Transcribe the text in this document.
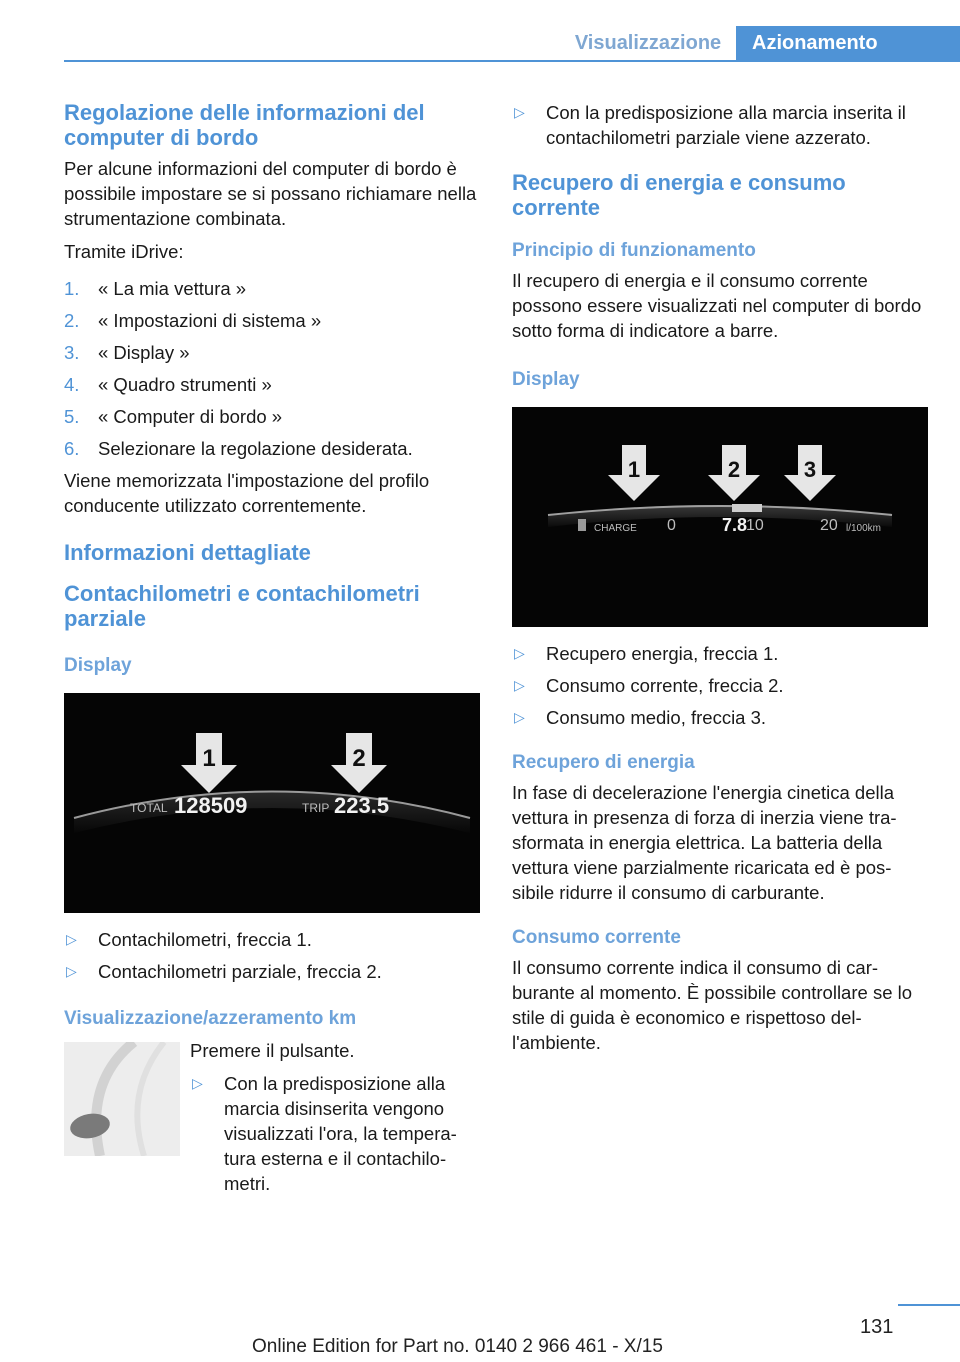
Visualizzazione	Azionamento
Regolazione delle informazioni del computer di bordo
Per alcune informazioni del computer di bordo è possibile impostare se si possano richiamare nella strumentazione combinata.
Tramite iDrive:
1.	« La mia vettura »
2.	« Impostazioni di sistema »
3.	« Display »
4.	« Quadro strumenti »
5.	« Computer di bordo »
6.	Selezionare la regolazione desiderata.
Viene memorizzata l'impostazione del profilo conducente utilizzato correntemente.
Informazioni dettagliate
Contachilometri e contachilometri parziale
Display
1	2
TOTAL 128509	TRIP 223.5
▷	Contachilometri, freccia 1.
▷	Contachilometri parziale, freccia 2.
Visualizzazione/azzeramento km
Premere il pulsante.
▷	Con la predisposizione alla marcia disinserita vengono visualizzati l'ora, la temperatura esterna e il contachilometri.
▷	Con la predisposizione alla marcia inserita il contachilometri parziale viene azzerato.
Recupero di energia e consumo corrente
Principio di funzionamento
Il recupero di energia e il consumo corrente possono essere visualizzati nel computer di bordo sotto forma di indicatore a barre.
Display
1	2	3
CHARGE 0	7.8
10	20 l/100km
▷	Recupero energia, freccia 1.
▷	Consumo corrente, freccia 2.
▷	Consumo medio, freccia 3.
Recupero di energia
In fase di decelerazione l'energia cinetica della vettura in presenza di forza di inerzia viene trasformata in energia elettrica. La batteria della vettura viene parzialmente ricaricata ed è possibile ridurre il consumo di carburante.
Consumo corrente
Il consumo corrente indica il consumo di carburante al momento. È possibile controllare se lo stile di guida è economico e rispettoso dell'ambiente.
131
Online Edition for Part no. 0140 2 966 461 - X/15
